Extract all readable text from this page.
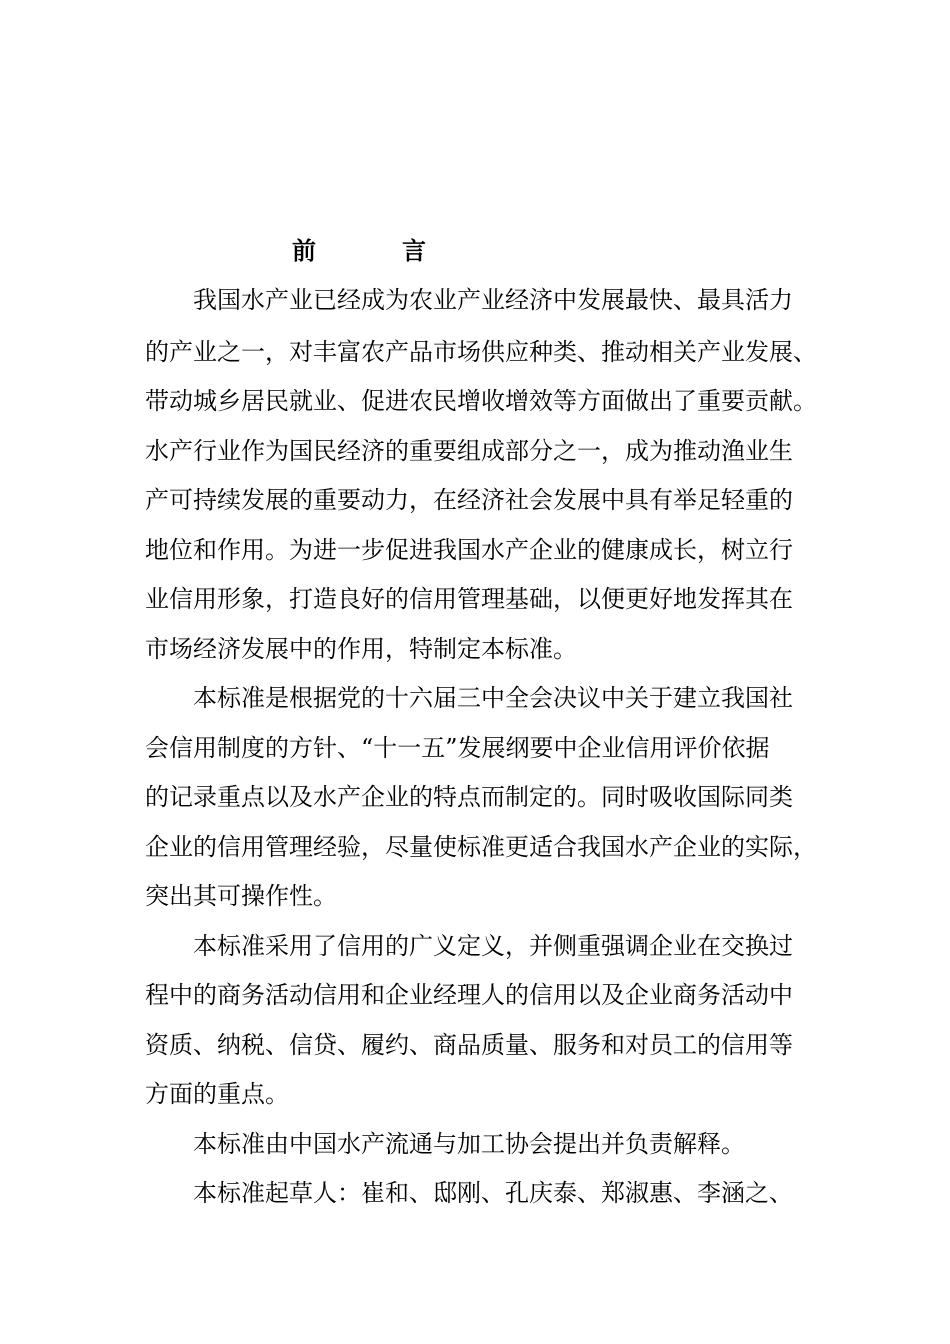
前	言
我国水产业已经成为农业产业经济中发展最快、最具活力
的产业之一，对丰富农产品市场供应种类、推动相关产业发展、
带动城乡居民就业、促进农民增收增效等方面做出了重要贡献。
水产行业作为国民经济的重要组成部分之一，成为推动渔业生
产可持续发展的重要动力，在经济社会发展中具有举足轻重的
地位和作用。为进一步促进我国水产企业的健康成长，树立行
业信用形象，打造良好的信用管理基础，以便更好地发挥其在
市场经济发展中的作用，特制定本标准。
本标准是根据党的十六届三中全会决议中关于建立我国社
会信用制度的方针、“十一五”发展纲要中企业信用评价依据
的记录重点以及水产企业的特点而制定的。同时吸收国际同类
企业的信用管理经验，尽量使标准更适合我国水产企业的实际，
突出其可操作性。
本标准采用了信用的广义定义，并侧重强调企业在交换过
程中的商务活动信用和企业经理人的信用以及企业商务活动中
资质、纳税、信贷、履约、商品质量、服务和对员工的信用等
方面的重点。
本标准由中国水产流通与加工协会提出并负责解释。
本标准起草人：崔和、邸刚、孔庆泰、郑淑惠、李涵之、
